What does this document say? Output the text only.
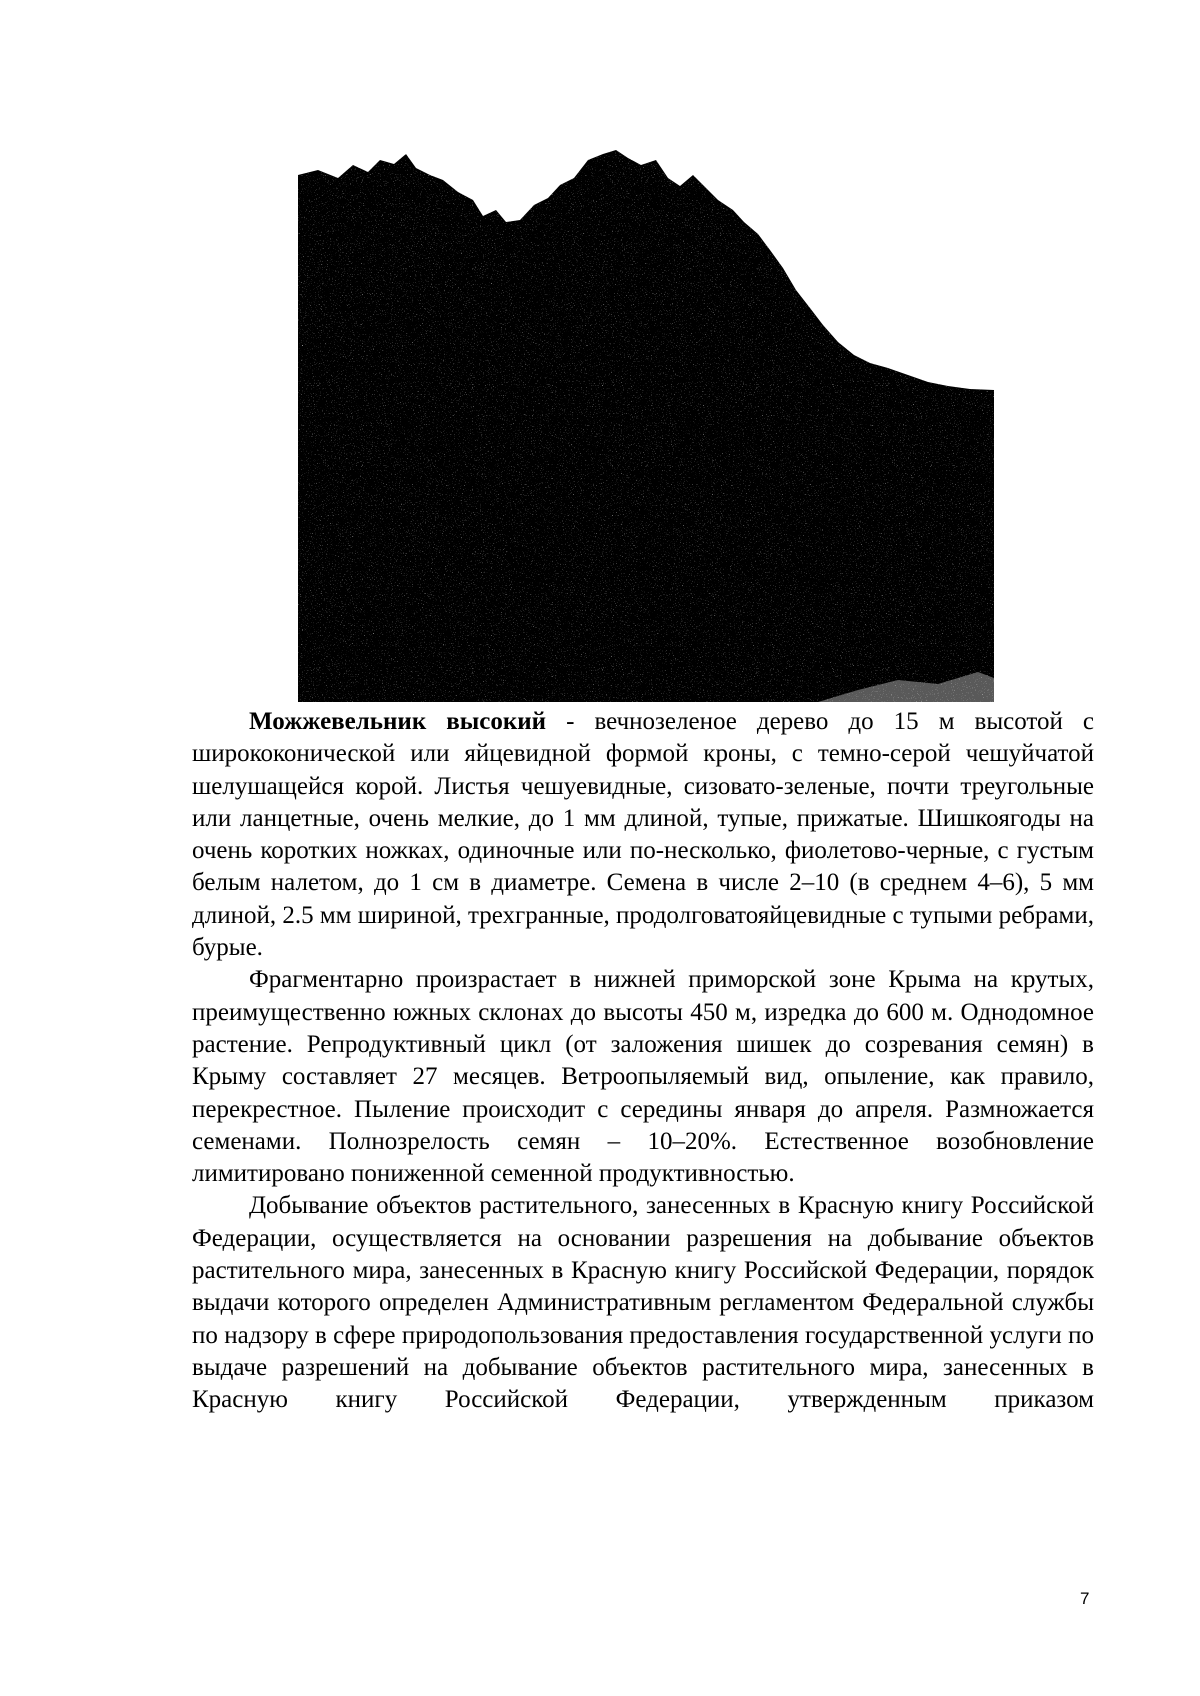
Можжевельник высокий - вечнозеленое дерево до 15 м высотой с ширококонической или яйцевидной формой кроны, с темно-серой чешуйчатой шелушащейся корой. Листья чешуевидные, сизовато-зеленые, почти треугольные или ланцетные, очень мелкие, до 1 мм длиной, тупые, прижатые. Шишкоягоды на очень коротких ножках, одиночные или по-несколько, фиолетово-черные, с густым белым налетом, до 1 см в диаметре. Семена в числе 2–10 (в среднем 4–6), 5 мм длиной, 2.5 мм шириной, трехгранные, продолговатояйцевидные с тупыми ребрами, бурые.

Фрагментарно произрастает в нижней приморской зоне Крыма на крутых, преимущественно южных склонах до высоты 450 м, изредка до 600 м. Однодомное растение. Репродуктивный цикл (от заложения шишек до созревания семян) в Крыму составляет 27 месяцев. Ветроопыляемый вид, опыление, как правило, перекрестное. Пыление происходит с середины января до апреля. Размножается семенами. Полнозрелость семян – 10–20%. Естественное возобновление лимитировано пониженной семенной продуктивностью.

Добывание объектов растительного, занесенных в Красную книгу Российской Федерации, осуществляется на основании разрешения на добывание объектов растительного мира, занесенных в Красную книгу Российской Федерации, порядок выдачи которого определен Административным регламентом Федеральной службы по надзору в сфере природопользования предоставления государственной услуги по выдаче разрешений на добывание объектов растительного мира, занесенных в Красную книгу Российской Федерации, утвержденным приказом

7
